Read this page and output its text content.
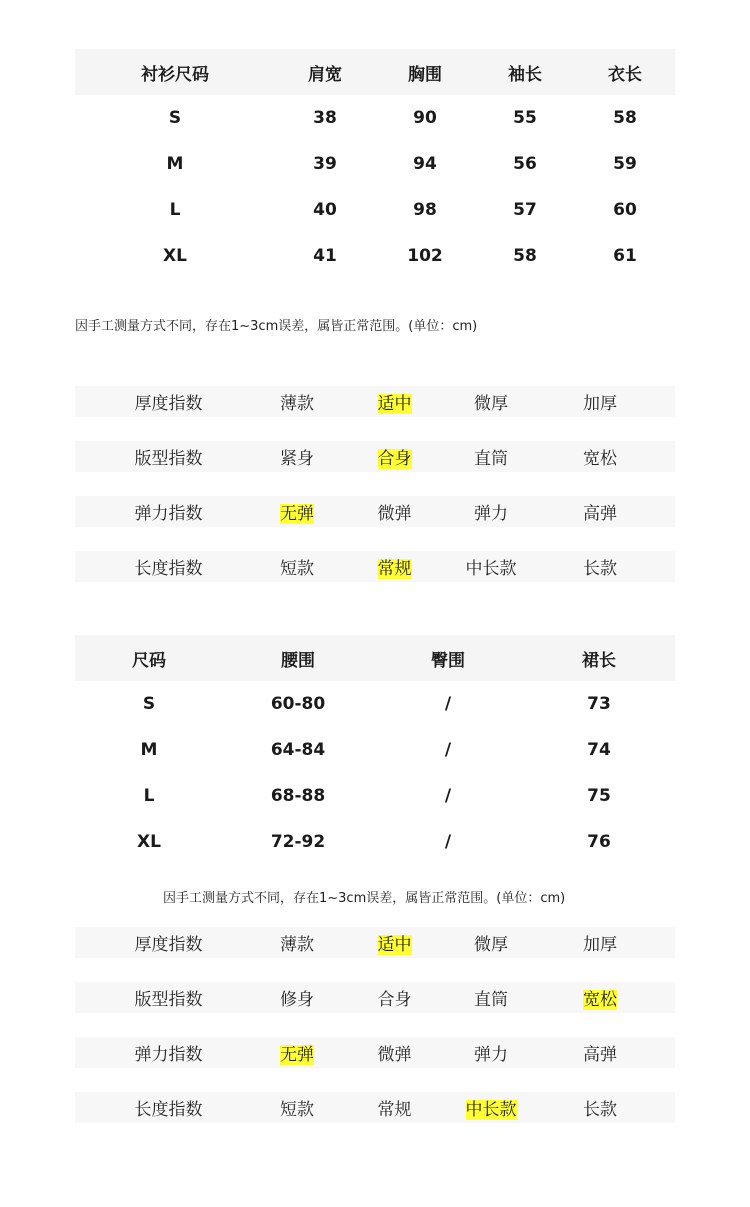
衬衫尺码	肩宽	胸围	袖长	衣长
S	38	90	55	58
M	39	94	56	59
L	40	98	57	60
XL	41	102	58	61
因手工测量方式不同，存在1~3cm误差，属皆正常范围。(单位：cm)
厚度指数	薄款	适中	微厚	加厚
版型指数	紧身	合身	直筒	宽松
弹力指数	无弹	微弹	弹力	高弹
长度指数	短款	常规	中长款	长款
尺码	腰围	臀围	裙长
S	60-80	/	73
M	64-84	/	74
L	68-88	/	75
XL	72-92	/	76
因手工测量方式不同，存在1~3cm误差，属皆正常范围。(单位：cm)
厚度指数	薄款	适中	微厚	加厚
版型指数	修身	合身	直筒	宽松
弹力指数	无弹	微弹	弹力	高弹
长度指数	短款	常规	中长款	长款
